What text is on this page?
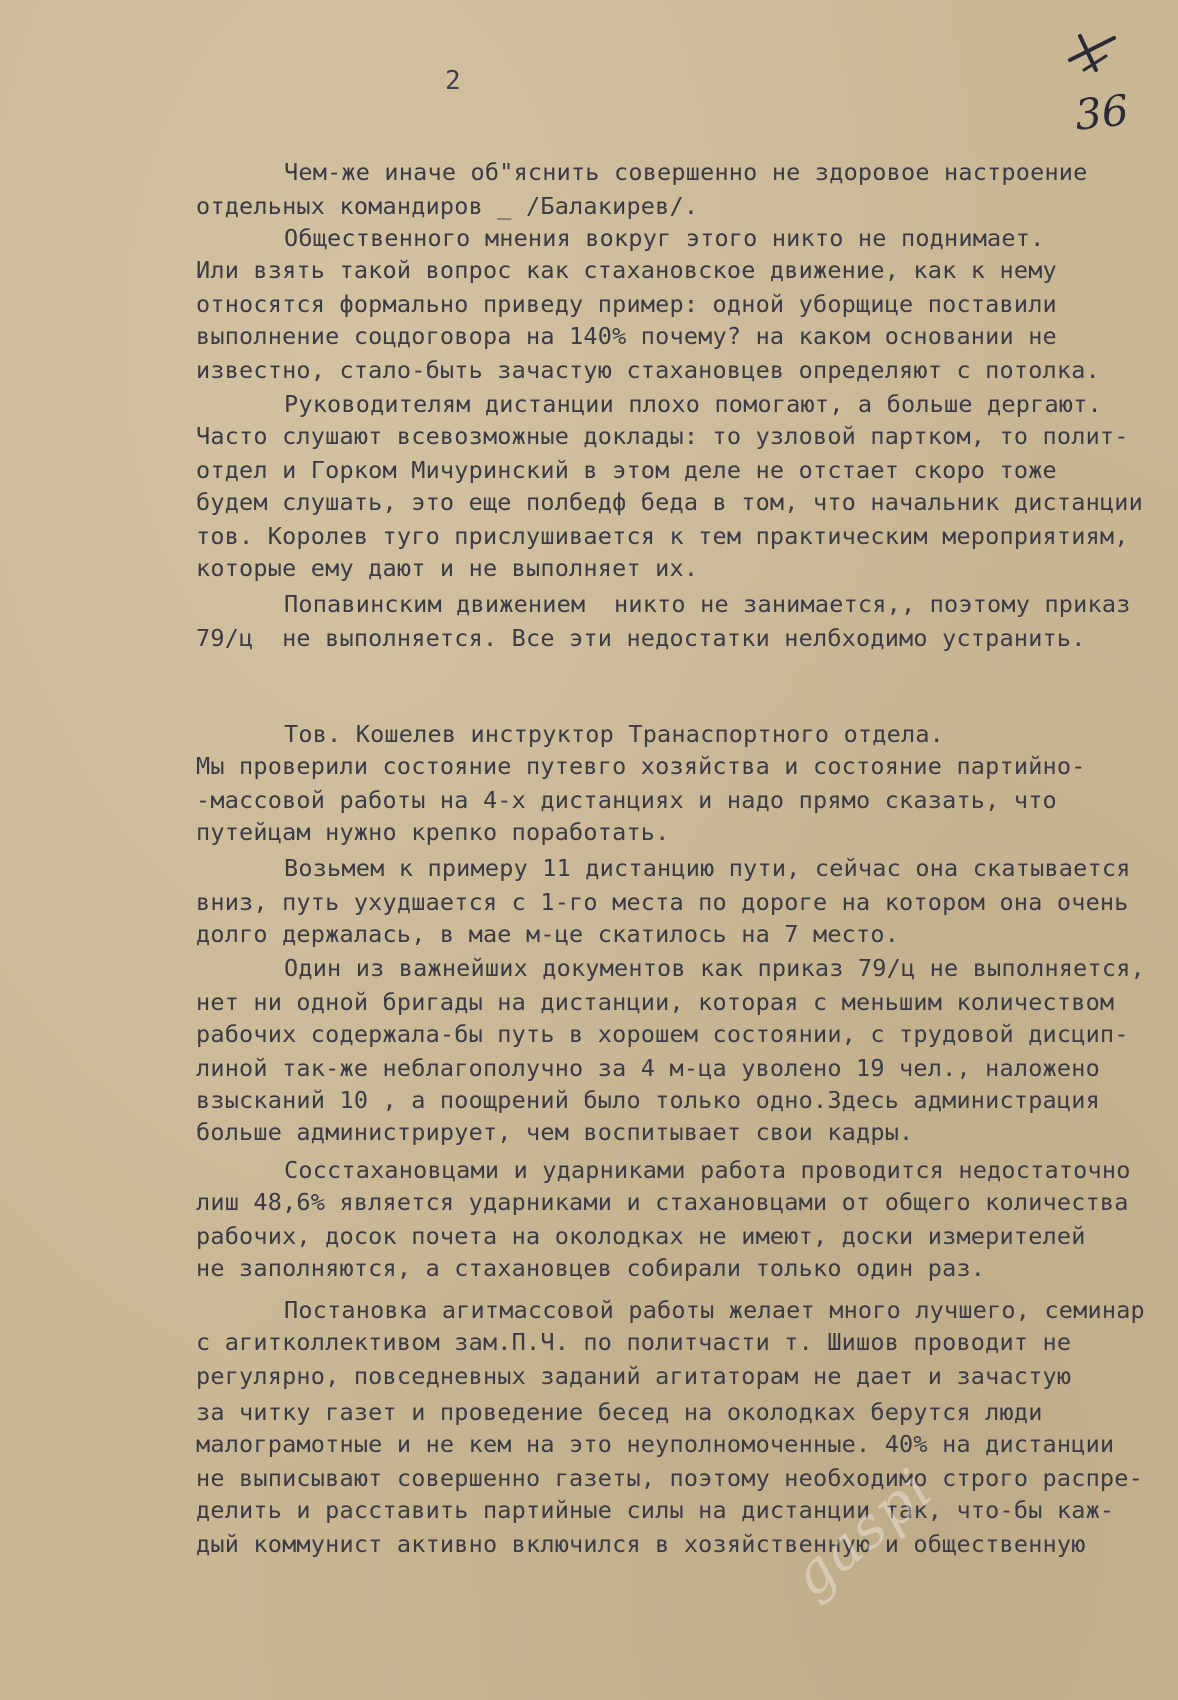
2
36
Чем-же иначе об"яснить совершенно не здоровое настроение
отдельных командиров _ /Балакирев/.
Общественного мнения вокруг этого никто не поднимает.
Или взять такой вопрос как стахановское движение, как к нему
относятся формально приведу пример: одной уборщице поставили
выполнение соцдоговора на 140% почему? на каком основании не
известно, стало-быть зачастую стахановцев определяют с потолка.
Руководителям дистанции плохо помогают, а больше дергают.
Часто слушают всевозможные доклады: то узловой партком, то полит-
отдел и Горком Мичуринский в этом деле не отстает скоро тоже
будем слушать, это еще полбедф беда в том, что начальник дистанции
тов. Королев туго прислушивается к тем практическим мероприятиям,
которые ему дают и не выполняет их.
Попавинским движением  никто не занимается,, поэтому приказ
79/ц  не выполняется. Все эти недостатки нелбходимо устранить.
Тов. Кошелев инструктор Транаспортного отдела.
Мы проверили состояние путевго хозяйства и состояние партийно-
-массовой работы на 4-х дистанциях и надо прямо сказать, что
путейцам нужно крепко поработать.
Возьмем к примеру 11 дистанцию пути, сейчас она скатывается
вниз, путь ухудшается с 1-го места по дороге на котором она очень
долго держалась, в мае м-це скатилось на 7 место.
Один из важнейших документов как приказ 79/ц не выполняется,
нет ни одной бригады на дистанции, которая с меньшим количеством
рабочих содержала-бы путь в хорошем состоянии, с трудовой дисцип-
линой так-же неблагополучно за 4 м-ца уволено 19 чел., наложено
взысканий 10 , а поощрений было только одно.Здесь администрация
больше администрирует, чем воспитывает свои кадры.
Сосстахановцами и ударниками работа проводится недостаточно
лиш 48,6% является ударниками и стахановцами от общего количества
рабочих, досок почета на околодках не имеют, доски измерителей
не заполняются, а стахановцев собирали только один раз.
Постановка агитмассовой работы желает много лучшего, семинар
с агитколлективом зам.П.Ч. по политчасти т. Шишов проводит не
регулярно, повседневных заданий агитаторам не дает и зачастую
за читку газет и проведение бесед на околодках берутся люди
малограмотные и не кем на это неуполномоченные. 40% на дистанции
не выписывают совершенно газеты, поэтому необходимо строго распре-
делить и расставить партийные силы на дистанции так, что-бы каж-
дый коммунист активно включился в хозяйственную и общественную
gaspi
